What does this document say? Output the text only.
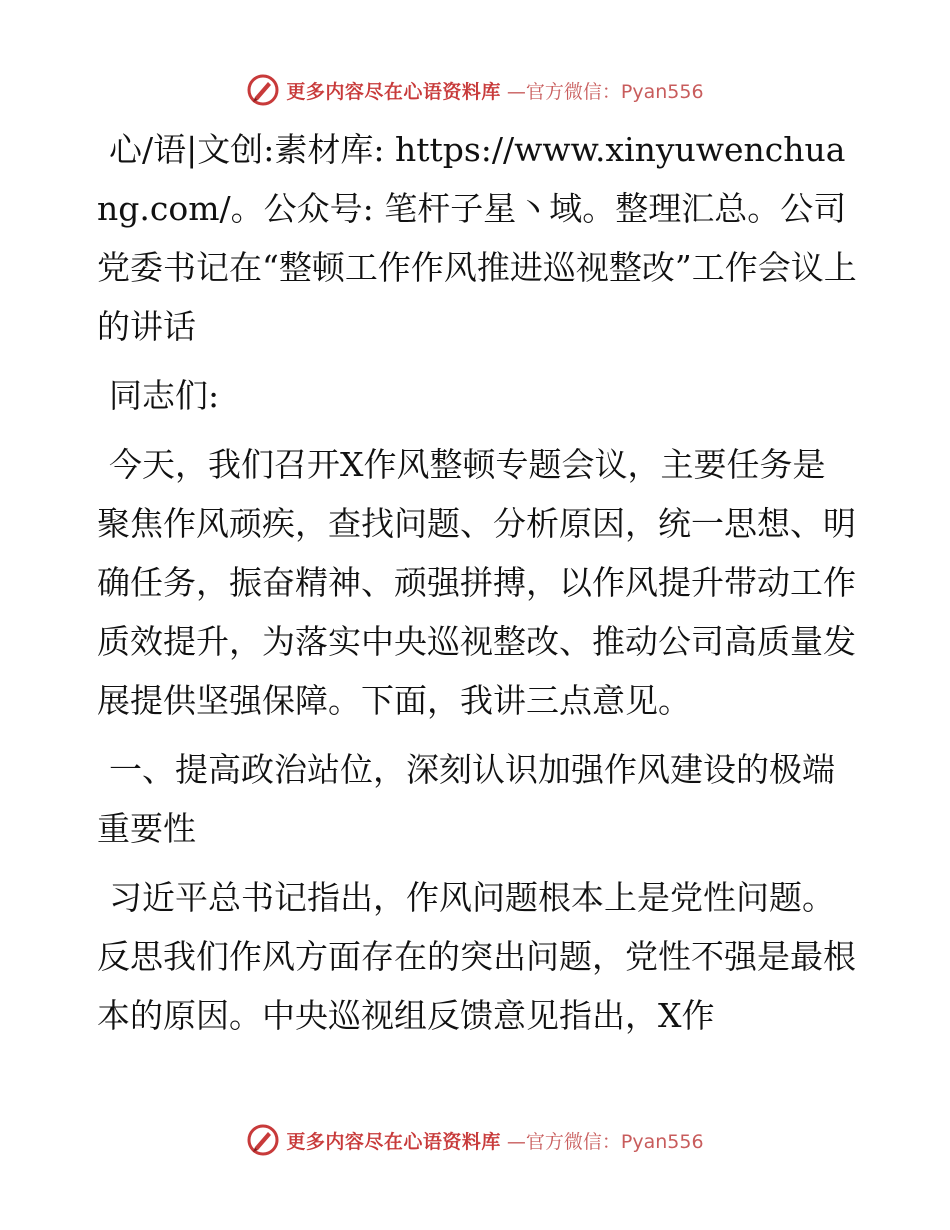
更多内容尽在心语资料库 —官方微信：Pyan556

心/语|文创:素材库: https://www.xinyuwenchuang.com/。公众号: 笔杆子星丶域。整理汇总。公司党委书记在“整顿工作作风推进巡视整改”工作会议上的讲话

同志们:

今天，我们召开X作风整顿专题会议，主要任务是聚焦作风顽疾，查找问题、分析原因，统一思想、明确任务，振奋精神、顽强拼搏，以作风提升带动工作质效提升，为落实中央巡视整改、推动公司高质量发展提供坚强保障。下面，我讲三点意见。

一、提高政治站位，深刻认识加强作风建设的极端重要性

习近平总书记指出，作风问题根本上是党性问题。反思我们作风方面存在的突出问题，党性不强是最根本的原因。中央巡视组反馈意见指出，X作

更多内容尽在心语资料库 —官方微信：Pyan556
